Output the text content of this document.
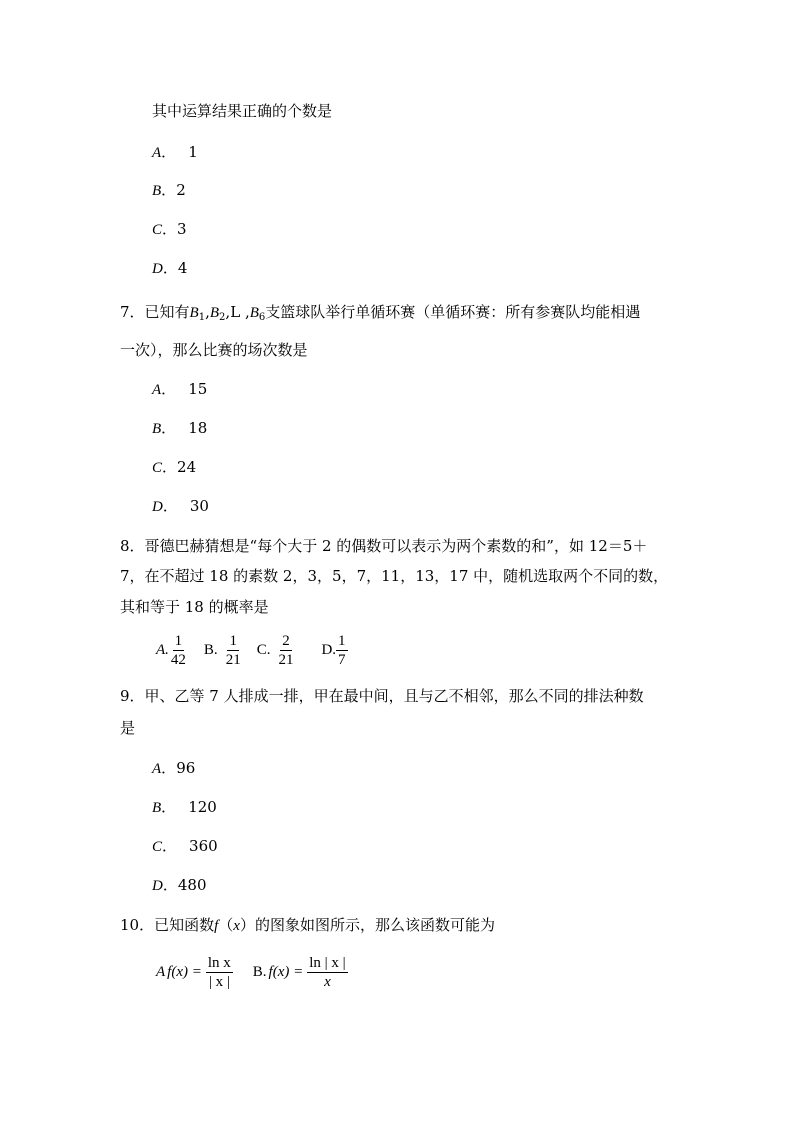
其中运算结果正确的个数是
A． 1
B．2
C．3
D．4
7．已知有$B_1,B_2,L$ $,B_6$支篮球队举行单循环赛（单循环赛：所有参赛队均能相遇
一次），那么比赛的场次数是
A． 15
B． 18
C．24
D． 30
8．哥德巴赫猜想是“每个大于 2 的偶数可以表示为两个素数的和”，如 12＝5＋
7，在不超过 18 的素数 2，3，5，7，11，13，17 中，随机选取两个不同的数，
其和等于 18 的概率是
A. $\frac{1}{42} B$. $\frac{1}{21} C$. $\frac{2}{21} D$. $\frac{1}{7}$
9．甲、乙等 7 人排成一排，甲在最中间，且与乙不相邻，那么不同的排法种数
是
A．96
B． 120
C． 360
D．480
10．已知函数f（x）的图象如图所示，那么该函数可能为
A $f(x) = \frac{\text{ln x}}{| x |} B$. $f(x) = \frac{\ln | x |}{x}$
